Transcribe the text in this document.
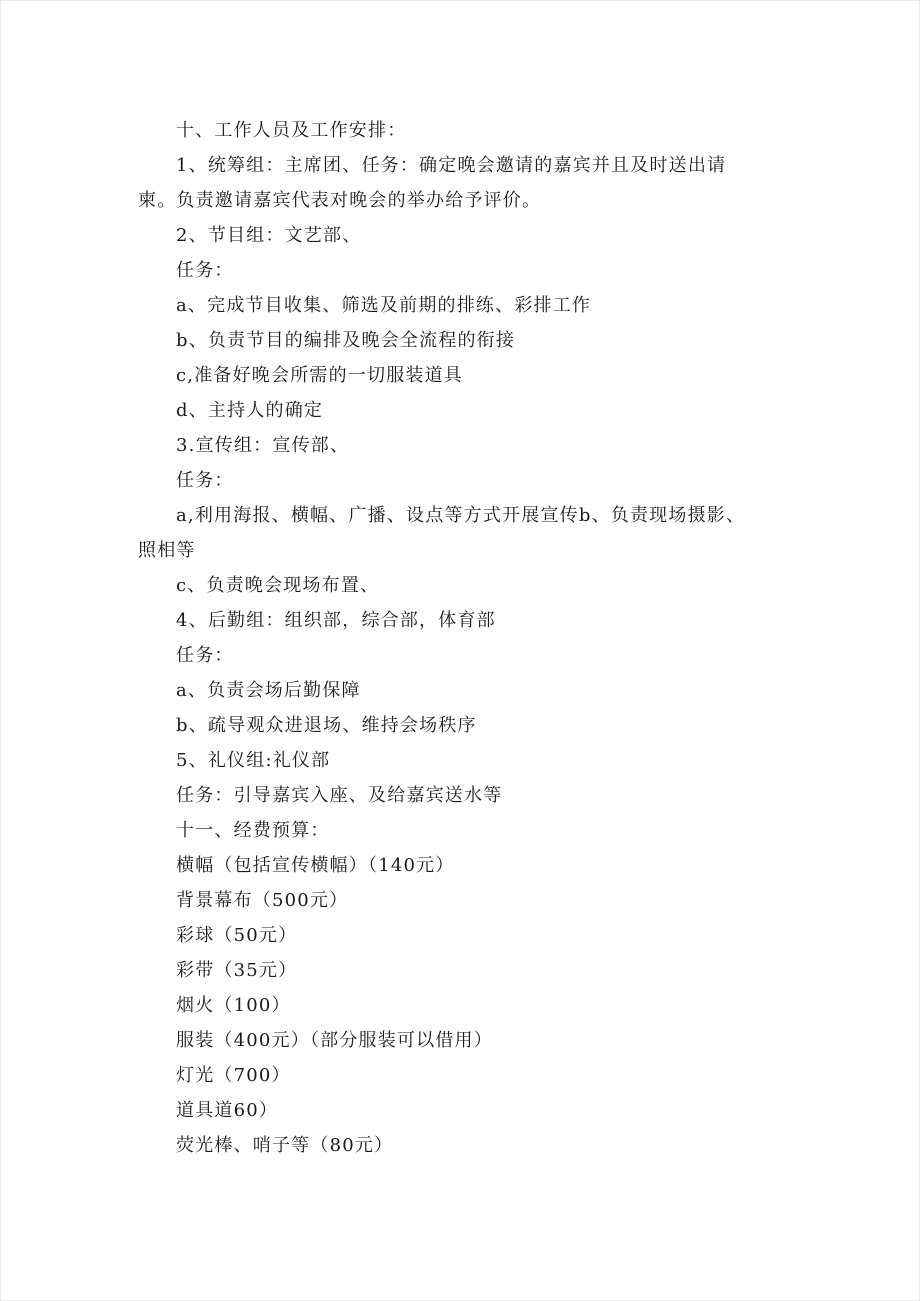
十、工作人员及工作安排：
1、统筹组：主席团、任务：确定晚会邀请的嘉宾并且及时送出请
柬。负责邀请嘉宾代表对晚会的举办给予评价。
2、节目组：文艺部、
任务：
a、完成节目收集、筛选及前期的排练、彩排工作
b、负责节目的编排及晚会全流程的衔接
c,准备好晚会所需的一切服装道具
d、主持人的确定
3.宣传组：宣传部、
任务：
a,利用海报、横幅、广播、设点等方式开展宣传b、负责现场摄影、
照相等
c、负责晚会现场布置、
4、后勤组：组织部，综合部，体育部
任务：
a、负责会场后勤保障
b、疏导观众进退场、维持会场秩序
5、礼仪组:礼仪部
任务：引导嘉宾入座、及给嘉宾送水等
十一、经费预算：
横幅（包括宣传横幅）（140元）
背景幕布（500元）
彩球（50元）
彩带（35元）
烟火（100）
服装（400元）（部分服装可以借用）
灯光（700）
道具道60）
荧光棒、哨子等（80元）
